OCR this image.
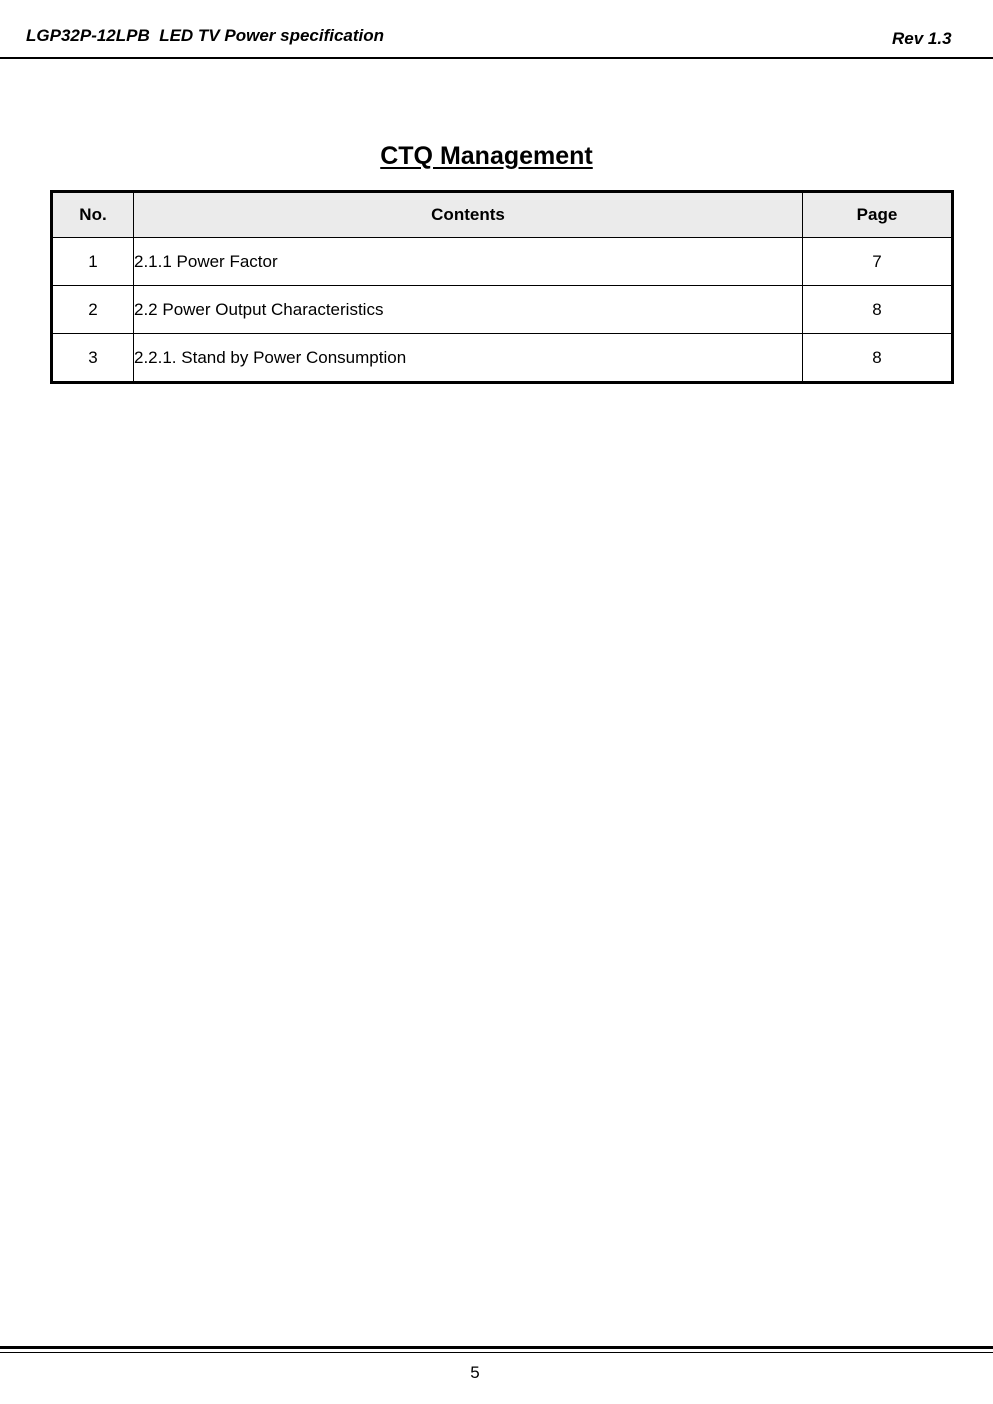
LGP32P-12LPB  LED TV Power specification	Rev 1.3
CTQ Management
No.	Contents	Page
1	2.1.1 Power Factor	7
2	2.2 Power Output Characteristics	8
3	2.2.1. Stand by Power Consumption	8
5
